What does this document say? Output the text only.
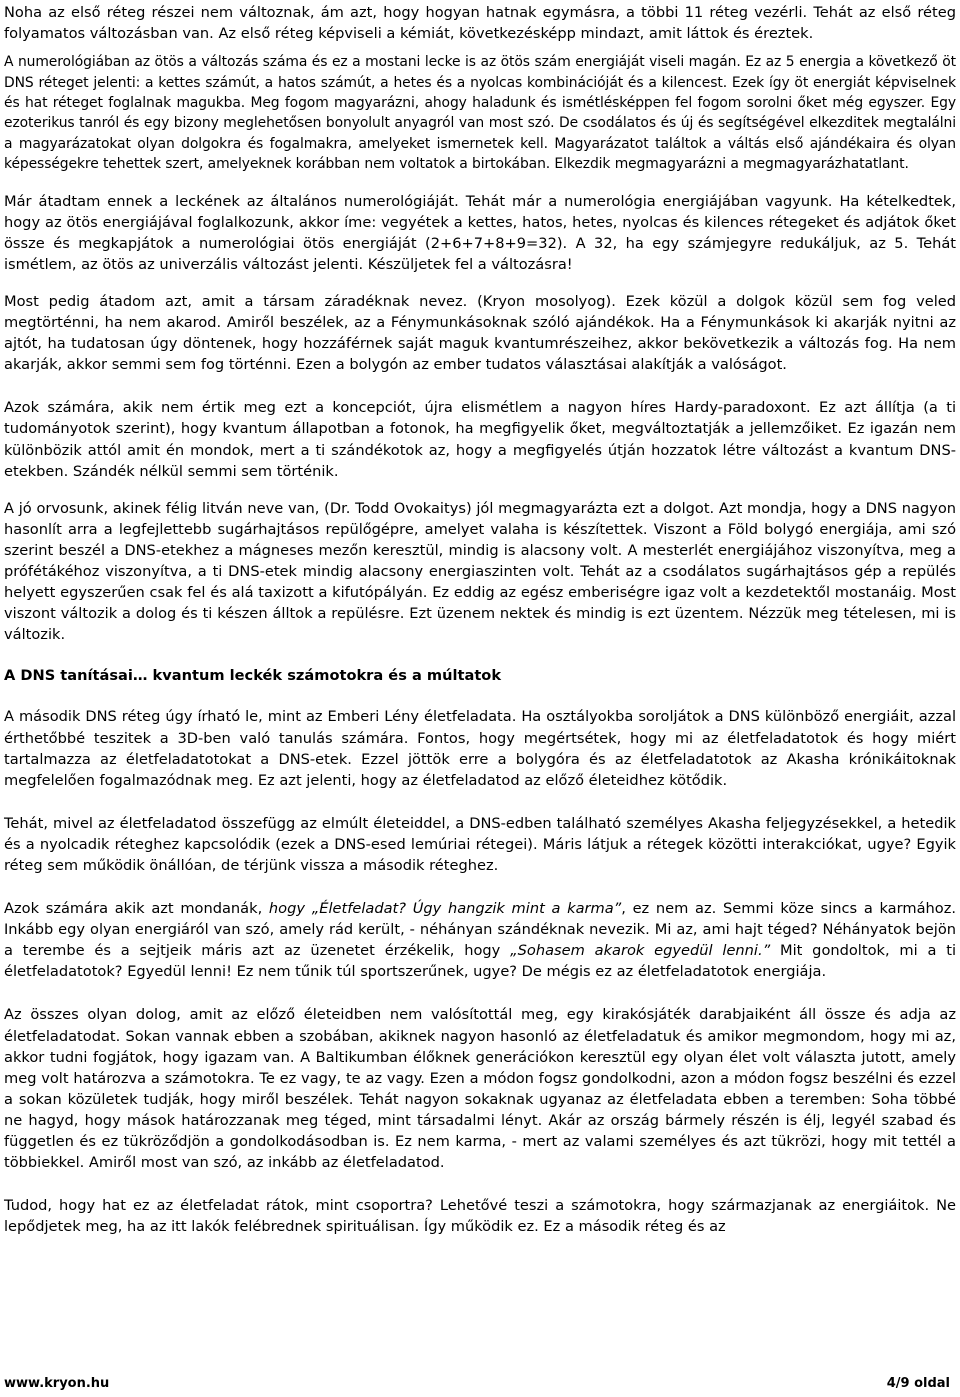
Noha az első réteg részei nem változnak, ám azt, hogy hogyan hatnak egymásra, a többi 11 réteg vezérli. Tehát az első réteg folyamatos változásban van. Az első réteg képviseli a kémiát, következésképp mindazt, amit láttok és éreztek.

A numerológiában az ötös a változás száma és ez a mostani lecke is az ötös szám energiáját viseli magán. Ez az 5 energia a következő öt DNS réteget jelenti: a kettes számút, a hatos számút, a hetes és a nyolcas kombinációját és a kilencest. Ezek így öt energiát képviselnek és hat réteget foglalnak magukba. Meg fogom magyarázni, ahogy haladunk és ismétlésképpen fel fogom sorolni őket még egyszer. Egy ezoterikus tanról és egy bizony meglehetősen bonyolult anyagról van most szó. De csodálatos és új és segítségével elkezditek megtalálni a magyarázatokat olyan dolgokra és fogalmakra, amelyeket ismernetek kell. Magyarázatot találtok a váltás első ajándékaira és olyan képességekre tehettek szert, amelyeknek korábban nem voltatok a birtokában. Elkezdik megmagyarázni a megmagyarázhatatlant.

Már átadtam ennek a leckének az általános numerológiáját. Tehát már a numerológia energiájában vagyunk. Ha kételkedtek, hogy az ötös energiájával foglalkozunk, akkor íme: vegyétek a kettes, hatos, hetes, nyolcas és kilences rétegeket és adjátok őket össze és megkapjátok a numerológiai ötös energiáját (2+6+7+8+9=32). A 32, ha egy számjegyre redukáljuk, az 5. Tehát ismétlem, az ötös az univerzális változást jelenti. Készüljetek fel a változásra!

Most pedig átadom azt, amit a társam záradéknak nevez. (Kryon mosolyog). Ezek közül a dolgok közül sem fog veled megtörténni, ha nem akarod. Amiről beszélek, az a Fénymunkásoknak szóló ajándékok. Ha a Fénymunkások ki akarják nyitni az ajtót, ha tudatosan úgy döntenek, hogy hozzáférnek saját maguk kvantumrészeihez, akkor bekövetkezik a változás fog. Ha nem akarják, akkor semmi sem fog történni. Ezen a bolygón az ember tudatos választásai alakítják a valóságot.

Azok számára, akik nem értik meg ezt a koncepciót, újra elismétlem a nagyon híres Hardy-paradoxont. Ez azt állítja (a ti tudományotok szerint), hogy kvantum állapotban a fotonok, ha megfigyelik őket, megváltoztatják a jellemzőiket. Ez igazán nem különbözik attól amit én mondok, mert a ti szándékotok az, hogy a megfigyelés útján hozzatok létre változást a kvantum DNS-etekben. Szándék nélkül semmi sem történik.

A jó orvosunk, akinek félig litván neve van, (Dr. Todd Ovokaitys) jól megmagyarázta ezt a dolgot. Azt mondja, hogy a DNS nagyon hasonlít arra a legfejlettebb sugárhajtásos repülőgépre, amelyet valaha is készítettek. Viszont a Föld bolygó energiája, ami szó szerint beszél a DNS-etekhez a mágneses mezőn keresztül, mindig is alacsony volt. A mesterlét energiájához viszonyítva, meg a prófétákéhoz viszonyítva, a ti DNS-etek mindig alacsony energiaszinten volt. Tehát az a csodálatos sugárhajtásos gép a repülés helyett egyszerűen csak fel és alá taxizott a kifutópályán. Ez eddig az egész emberiségre igaz volt a kezdetektől mostanáig. Most viszont változik a dolog és ti készen álltok a repülésre. Ezt üzenem nektek és mindig is ezt üzentem. Nézzük meg tételesen, mi is változik.

A DNS tanításai… kvantum leckék számotokra és a múltatok

A második DNS réteg úgy írható le, mint az Emberi Lény életfeladata. Ha osztályokba soroljátok a DNS különböző energiáit, azzal érthetőbbé teszitek a 3D-ben való tanulás számára. Fontos, hogy megértsétek, hogy mi az életfeladatotok és hogy miért tartalmazza az életfeladatotokat a DNS-etek. Ezzel jöttök erre a bolygóra és az életfeladatotok az Akasha krónikáitoknak megfelelően fogalmazódnak meg. Ez azt jelenti, hogy az életfeladatod az előző életeidhez kötődik.

Tehát, mivel az életfeladatod összefügg az elmúlt életeiddel, a DNS-edben található személyes Akasha feljegyzésekkel, a hetedik és a nyolcadik réteghez kapcsolódik (ezek a DNS-esed lemúriai rétegei). Máris látjuk a rétegek közötti interakciókat, ugye? Egyik réteg sem működik önállóan, de térjünk vissza a második réteghez.

Azok számára akik azt mondanák, hogy „Életfeladat? Úgy hangzik mint a karma”, ez nem az. Semmi köze sincs a karmához. Inkább egy olyan energiáról van szó, amely rád került, - néhányan szándéknak nevezik. Mi az, ami hajt téged? Néhányatok bejön a terembe és a sejtjeik máris azt az üzenetet érzékelik, hogy „Sohasem akarok egyedül lenni.” Mit gondoltok, mi a ti életfeladatotok? Egyedül lenni! Ez nem tűnik túl sportszerűnek, ugye? De mégis ez az életfeladatotok energiája.

Az összes olyan dolog, amit az előző életeidben nem valósítottál meg, egy kirakósjáték darabjaiként áll össze és adja az életfeladatodat. Sokan vannak ebben a szobában, akiknek nagyon hasonló az életfeladatuk és amikor megmondom, hogy mi az, akkor tudni fogjátok, hogy igazam van. A Baltikumban élőknek generációkon keresztül egy olyan élet volt választa jutott, amely meg volt határozva a számotokra. Te ez vagy, te az vagy. Ezen a módon fogsz gondolkodni, azon a módon fogsz beszélni és ezzel a sokan közületek tudják, hogy miről beszélek. Tehát nagyon sokaknak ugyanaz az életfeladata ebben a teremben: Soha többé ne hagyd, hogy mások határozzanak meg téged, mint társadalmi lényt. Akár az ország bármely részén is élj, legyél szabad és független és ez tükröződjön a gondolkodásodban is. Ez nem karma, - mert az valami személyes és azt tükrözi, hogy mit tettél a többiekkel. Amiről most van szó, az inkább az életfeladatod.

Tudod, hogy hat ez az életfeladat rátok, mint csoportra? Lehetővé teszi a számotokra, hogy származjanak az energiáitok. Ne lepődjetek meg, ha az itt lakók felébrednek spirituálisan. Így működik ez. Ez a második réteg és az

www.kryon.hu	4/9 oldal
